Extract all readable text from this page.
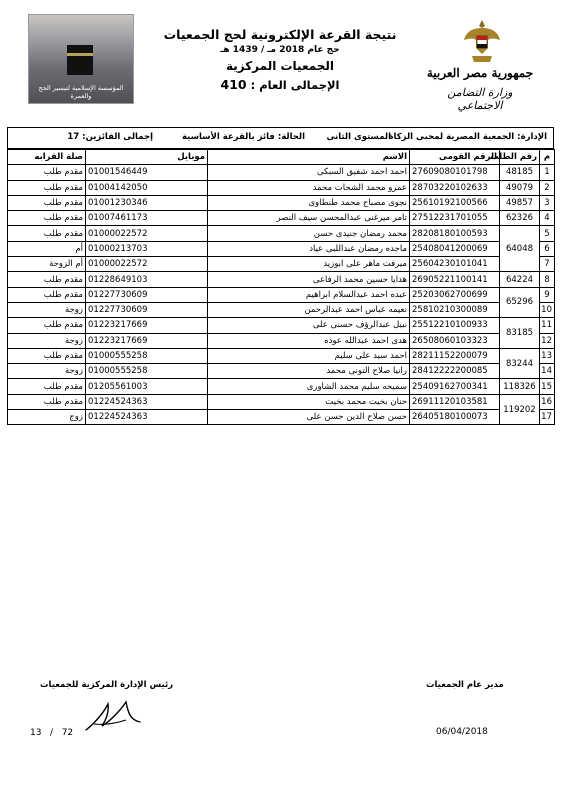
المؤسسة الإسلامية لتيسير الحج والعمرة
نتيجة القرعة الإلكترونية لحج الجمعيات
حج عام 2018 مـ / 1439 هـ
الجمعيات المركزية
الإجمالى العام : 410
جمهورية مصر العربية
وزارة التضامن الاجتماعي
الإدارة: الجمعية المصرية لمحبى الزكاة
المستوى الثانى
الحالة: فائز بالقرعة الأساسية
إجمالى الفائزين: 17
م	رقم الطلب	الرقم القومى	الاسم	موبايل	صلة القرابه
1	48185	27609080101798	احمد احمد شفيق السبكى	01001546449	مقدم طلب
2	49079	28703220102633	عمرو محمد الشحات محمد	01004142050	مقدم طلب
3	49857	25610192100566	نجوى مصباح محمد طنطاوى	01001230346	مقدم طلب
4	62326	27512231701055	تامر ميرغنى عبدالمحسن سيف النصر	01007461173	مقدم طلب
5	64048	28208180100593	محمد رمضان جنيدى حسن	01000022572	مقدم طلب
6		25408041200069	ماجده رمضان عبداللبى عياد	01000213703	أم
7		25604230101041	ميرفت ماهر على ابوزيد	01000022572	أم الزوجة
8	64224	26905221100141	هدايا حسين محمد الرفاعى	01228649103	مقدم طلب
9	65296	25203062700699	عبده احمد عبدالسلام ابراهيم	01227730609	مقدم طلب
10		25810210300089	نعيمه عباس احمد عبدالرحمن	01227730609	زوجة
11	83185	25512210100933	نبيل عبدالرؤف حسنى على	01223217669	مقدم طلب
12		26508060103323	هدى احمد عبدالله عوده	01223217669	زوجة
13	83244	28211152200079	احمد سيد على سليم	01000555258	مقدم طلب
14		28412222200085	رانيا صلاح التونى محمد	01000555258	زوجة
15	118326	25409162700341	سميحه سليم محمد الشاورى	01205561003	مقدم طلب
16	119202	26911120103581	حنان بخيت محمد بخيت	01224524363	مقدم طلب
17		26405180100073	حسن صلاح الدين حسن على	01224524363	زوج
رئيس الإدارة المركزية للجمعيات	مدير عام الجمعيات
13 / 72	06/04/2018
